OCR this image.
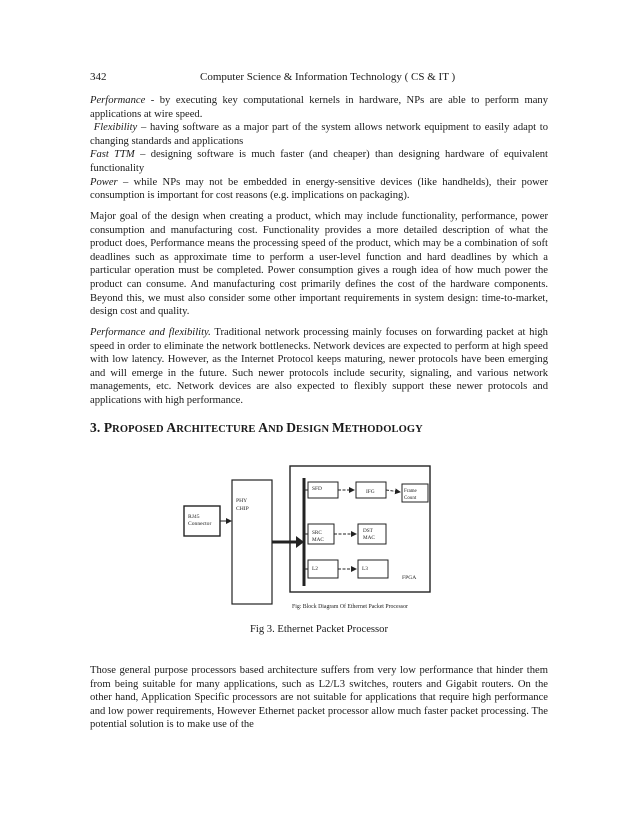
342	Computer Science & Information Technology ( CS & IT )

Performance - by executing key computational kernels in hardware, NPs are able to perform many applications at wire speed.

Flexibility – having software as a major part of the system allows network equipment to easily adapt to changing standards and applications

Fast TTM – designing software is much faster (and cheaper) than designing hardware of equivalent functionality

Power – while NPs may not be embedded in energy-sensitive devices (like handhelds), their power consumption is important for cost reasons (e.g. implications on packaging).

Major goal of the design when creating a product, which may include functionality, performance, power consumption and manufacturing cost. Functionality provides a more detailed description of what the product does, Performance means the processing speed of the product, which may be a combination of soft deadlines such as approximate time to perform a user-level function and hard deadlines by which a particular operation must be completed. Power consumption gives a rough idea of how much power the product can consume. And manufacturing cost primarily defines the cost of the hardware components. Beyond this, we must also consider some other important requirements in system design: time-to-market, design cost and quality.

Performance and flexibility. Traditional network processing mainly focuses on forwarding packet at high speed in order to eliminate the network bottlenecks. Network devices are expected to perform at high speed with low latency. However, as the Internet Protocol keeps maturing, newer protocols have been emerging and will emerge in the future. Such newer protocols include security, signaling, and various network managements, etc. Network devices are also expected to flexibly support these newer protocols and applications with high performance.

3. PROPOSED ARCHITECTURE AND DESIGN METHODOLOGY
PHY
CHIP
RJ45
Connector
SFD	IFG	Frame
Count
SRC
MAC
DST
MAC
L2	L3
FPGA
Fig: Block Diagram Of Ethernet Packet Processor
Fig 3. Ethernet Packet Processor

Those general purpose processors based architecture suffers from very low performance that hinder them from being suitable for many applications, such as L2/L3 switches, routers and Gigabit routers. On the other hand, Application Specific processors are not suitable for applications that require high performance and low power requirements, However Ethernet packet processor allow much faster packet processing. The potential solution is to make use of the
